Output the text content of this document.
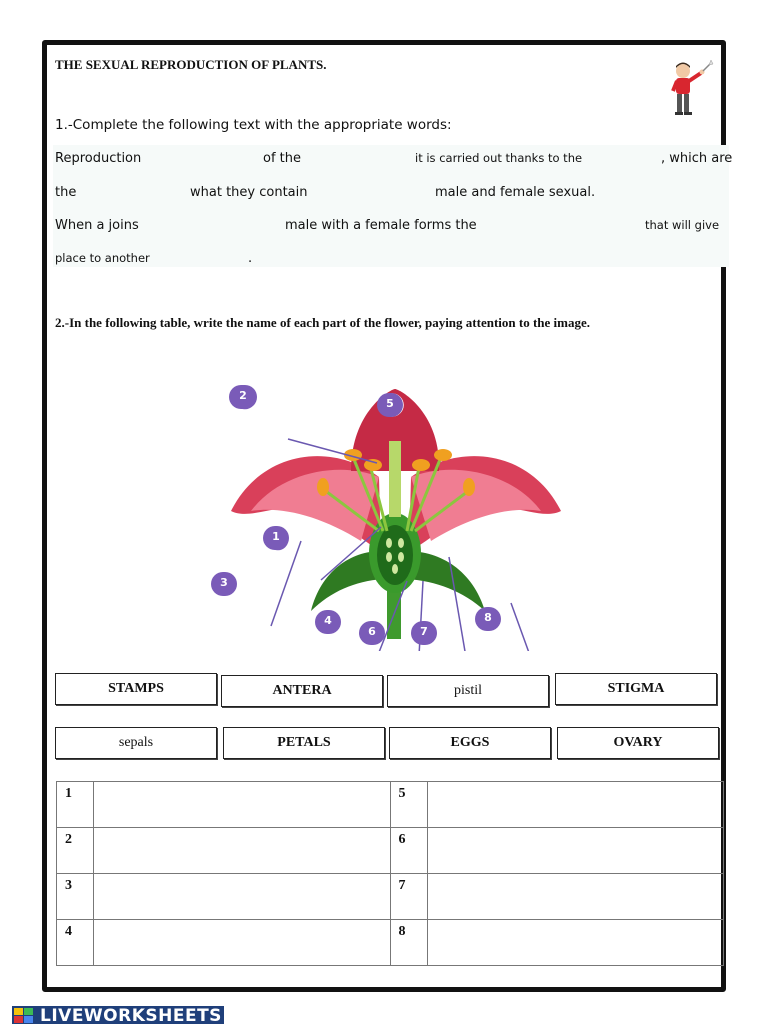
THE SEXUAL REPRODUCTION OF PLANTS.
1.-Complete the following text with the appropriate words:
Reproduction	of the	it is carried out thanks to the	, which are
the	what they contain	male and female sexual.
When a joins	male with a female forms the	that will give
place to another	.
2.-In the following table, write the name of each part of the flower, paying attention to the image.
2
5
1
3
4
6	7
8
STAMPS	ANTERA	pistil	STIGMA
sepals	PETALS	EGGS	OVARY
1		5	
2		6	
3		7	
4		8	
LIVEWORKSHEETS
